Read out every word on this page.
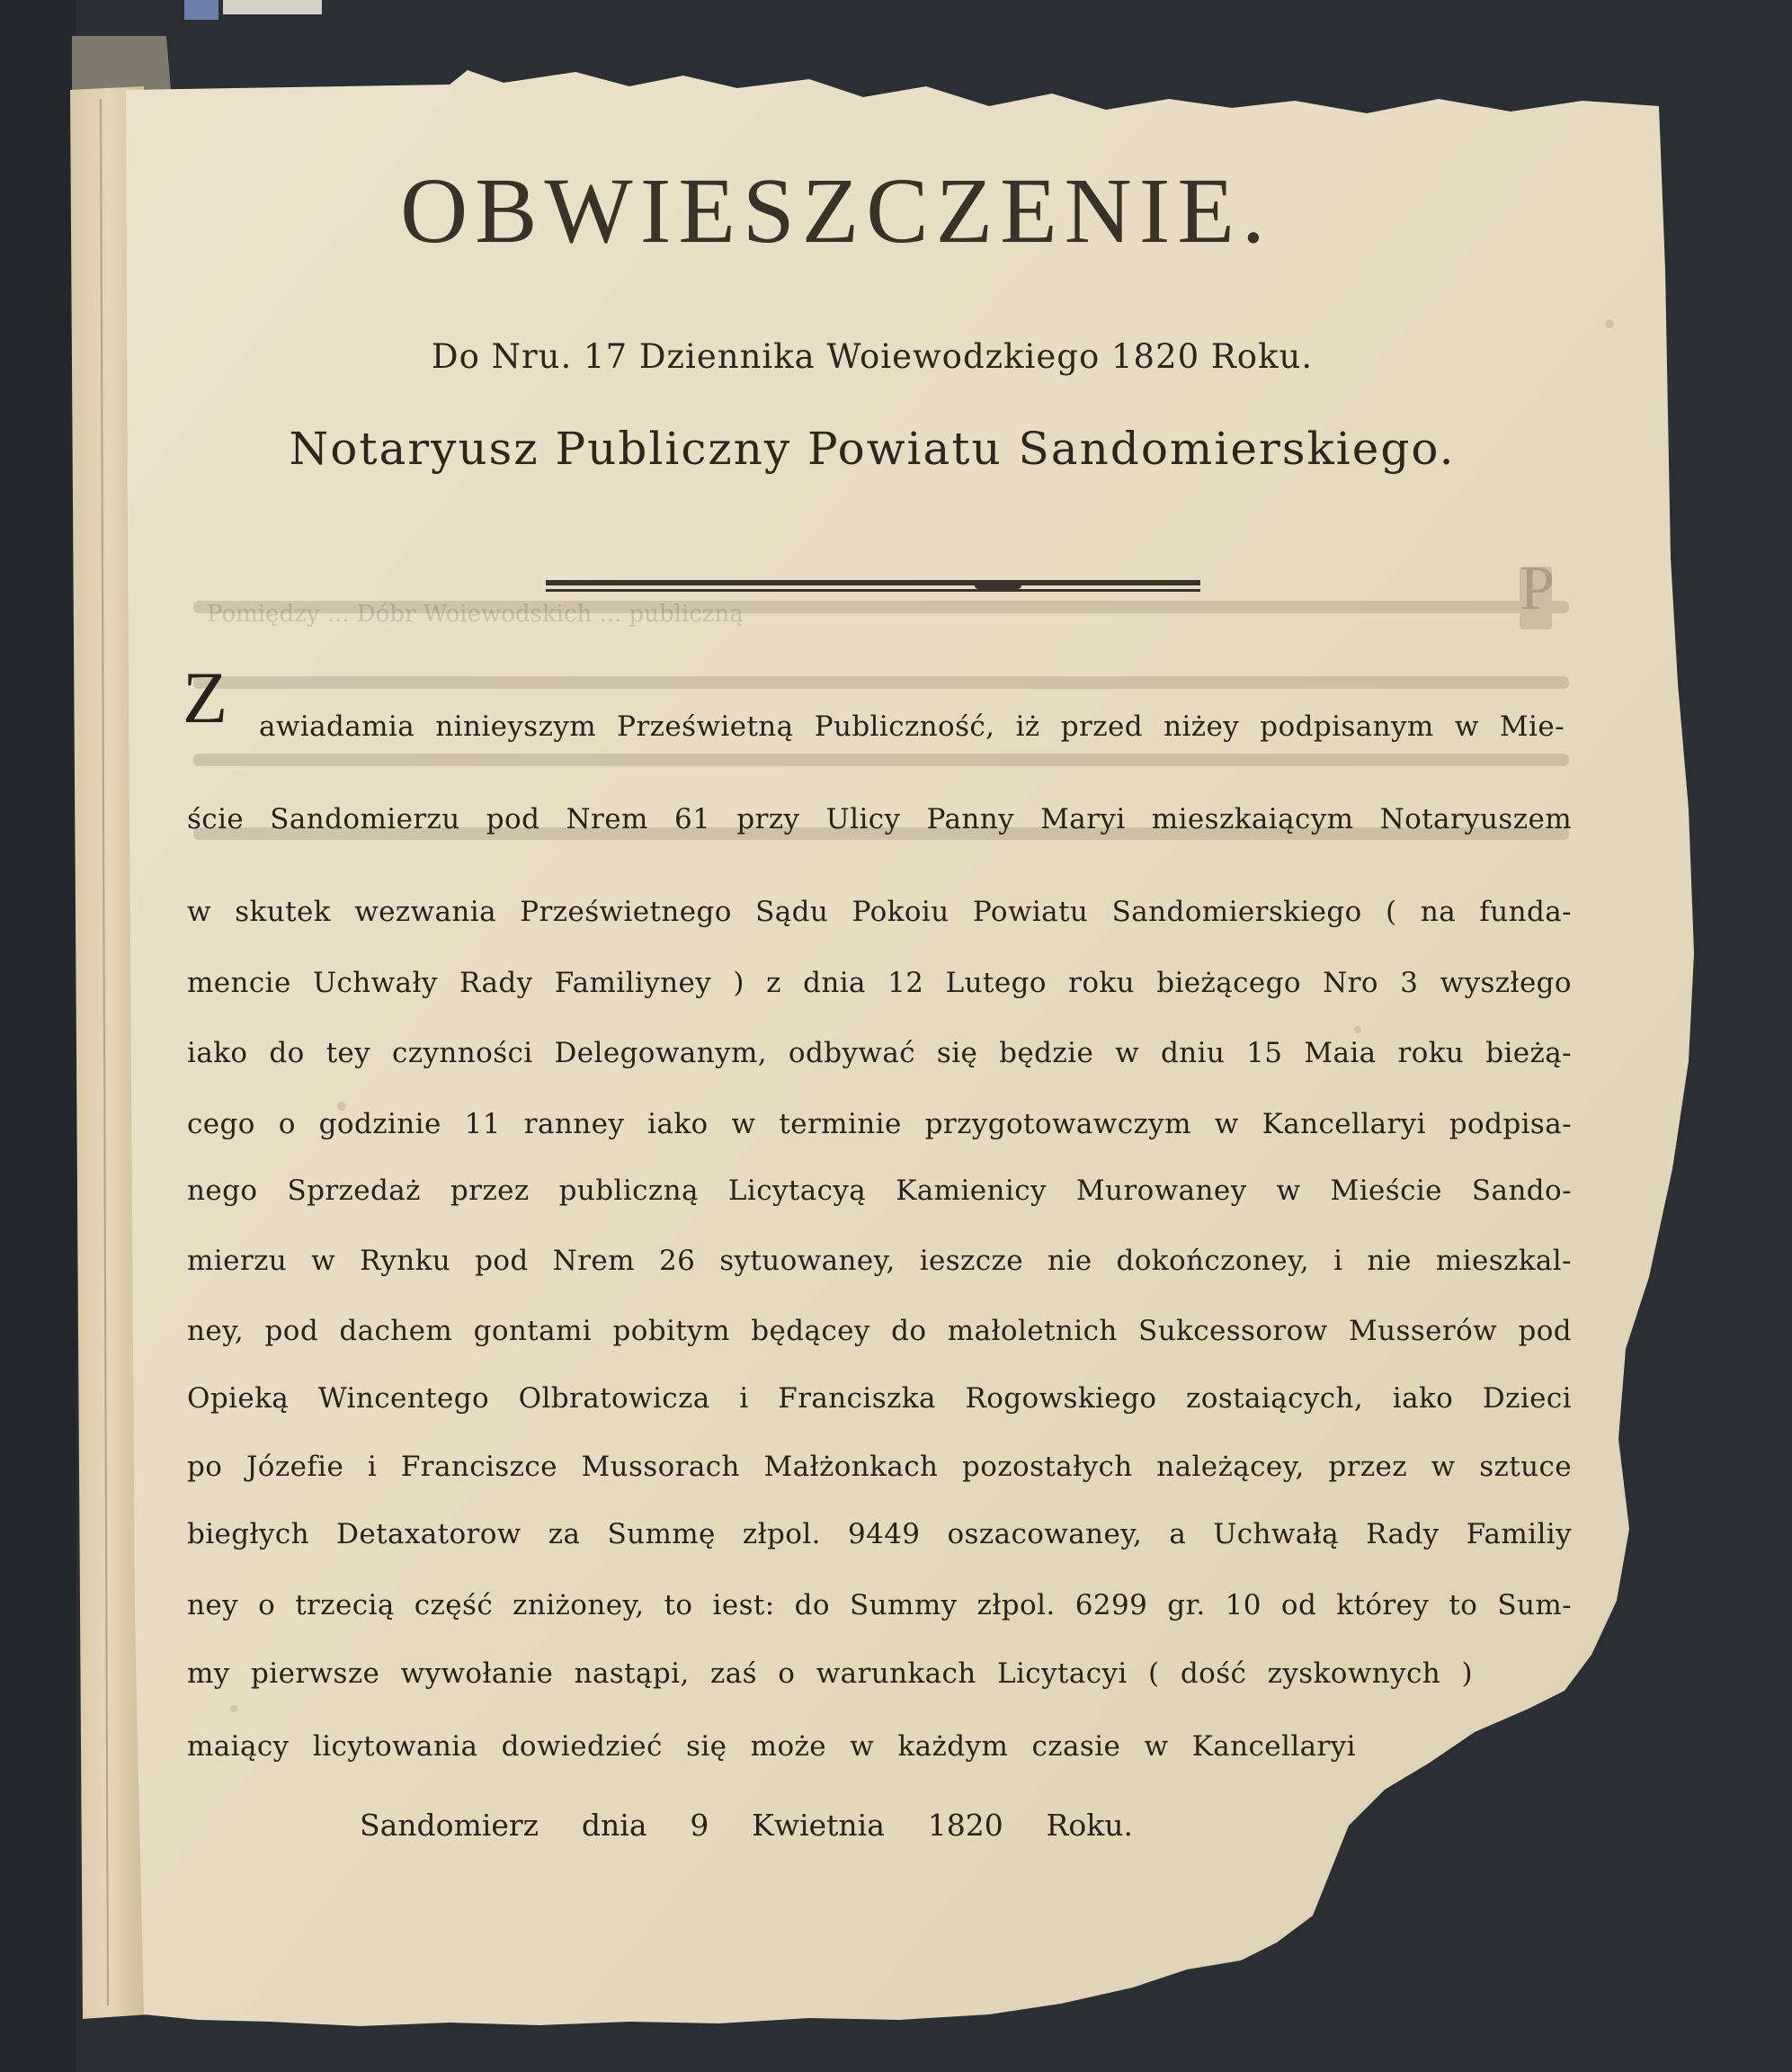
OBWIESZCZENIE.
Do Nru. 17 Dziennika Woiewodzkiego 1820 Roku.
Notaryusz Publiczny Powiatu Sandomierskiego.
Z awiadamia ninieyszym Prześwietną Publiczność, iż przed niżey podpisanym w Mie-
ście Sandomierzu pod Nrem 61 przy Ulicy Panny Maryi mieszkaiącym Notaryuszem
w skutek wezwania Prześwietnego Sądu Pokoiu Powiatu Sandomierskiego ( na funda-
mencie Uchwały Rady Familiyney ) z dnia 12 Lutego roku bieżącego Nro 3 wyszłego
iako do tey czynności Delegowanym, odbywać się będzie w dniu 15 Maia roku bieżą-
cego o godzinie 11 ranney iako w terminie przygotowawczym w Kancellaryi podpisa-
nego Sprzedaż przez publiczną Licytacyą Kamienicy Murowaney w Mieście Sando-
mierzu w Rynku pod Nrem 26 sytuowaney, ieszcze nie dokończoney, i nie mieszkal-
ney, pod dachem gontami pobitym będącey do małoletnich Sukcessorow Musserów pod
Opieką Wincentego Olbratowicza i Franciszka Rogowskiego zostaiących, iako Dzieci
po Józefie i Franciszce Mussorach Małżonkach pozostałych należącey, przez w sztuce
biegłych Detaxatorow za Summę złpol. 9449 oszacowaney, a Uchwałą Rady Familiy
ney o trzecią część zniżoney, to iest: do Summy złpol. 6299 gr. 10 od którey to Sum-
my pierwsze wywołanie nastąpi, zaś o warunkach Licytacyi ( dość zyskownych )
maiący licytowania dowiedzieć się może w każdym czasie w Kancellaryi
Sandomierz dnia 9 Kwietnia 1820 Roku.
P
Pomiędzy ... Dóbr Woiewodskich ... publiczną
